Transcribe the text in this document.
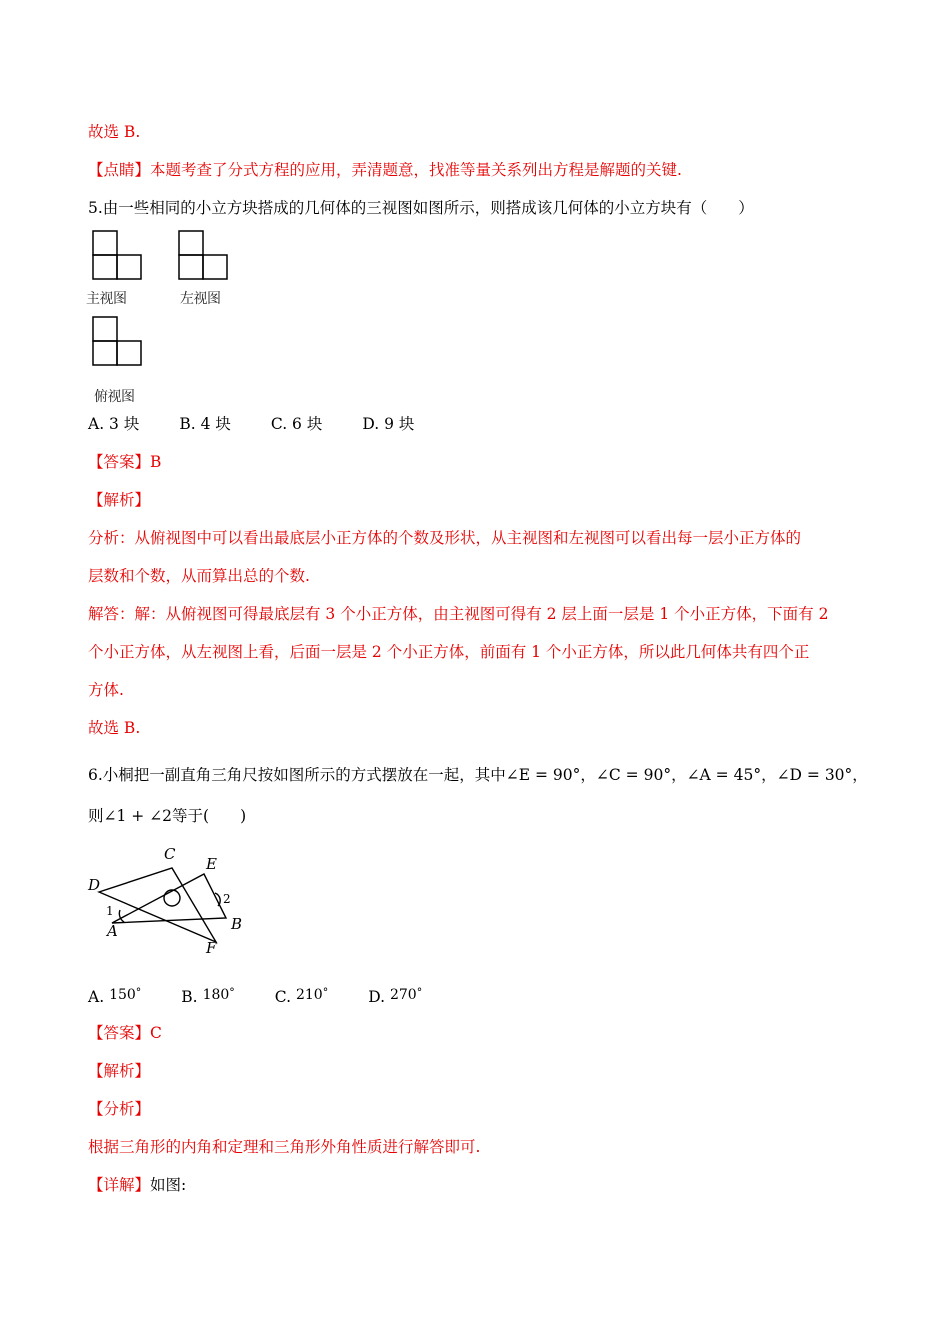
故选 B.
【点睛】本题考查了分式方程的应用，弄清题意，找准等量关系列出方程是解题的关键.
5.由一些相同的小立方块搭成的几何体的三视图如图所示，则搭成该几何体的小立方块有（　　）
主视图	左视图
俯视图
A. 3 块	B. 4 块	C. 6 块	D. 9 块
【答案】B
【解析】
分析：从俯视图中可以看出最底层小正方体的个数及形状，从主视图和左视图可以看出每一层小正方体的
层数和个数，从而算出总的个数.
解答：解：从俯视图可得最底层有 3 个小正方体，由主视图可得有 2 层上面一层是 1 个小正方体，下面有 2
个小正方体，从左视图上看，后面一层是 2 个小正方体，前面有 1 个小正方体，所以此几何体共有四个正
方体.
故选 B.
6.小桐把一副直角三角尺按如图所示的方式摆放在一起，其中∠E = 90°，∠C = 90°，∠A = 45°，∠D = 30°，
则∠1 + ∠2等于(　　)
C
E
D
A	B
F
1
2
A. 150°	B. 180°	C. 210°	D. 270°
【答案】C
【解析】
【分析】
根据三角形的内角和定理和三角形外角性质进行解答即可.
【详解】如图:
